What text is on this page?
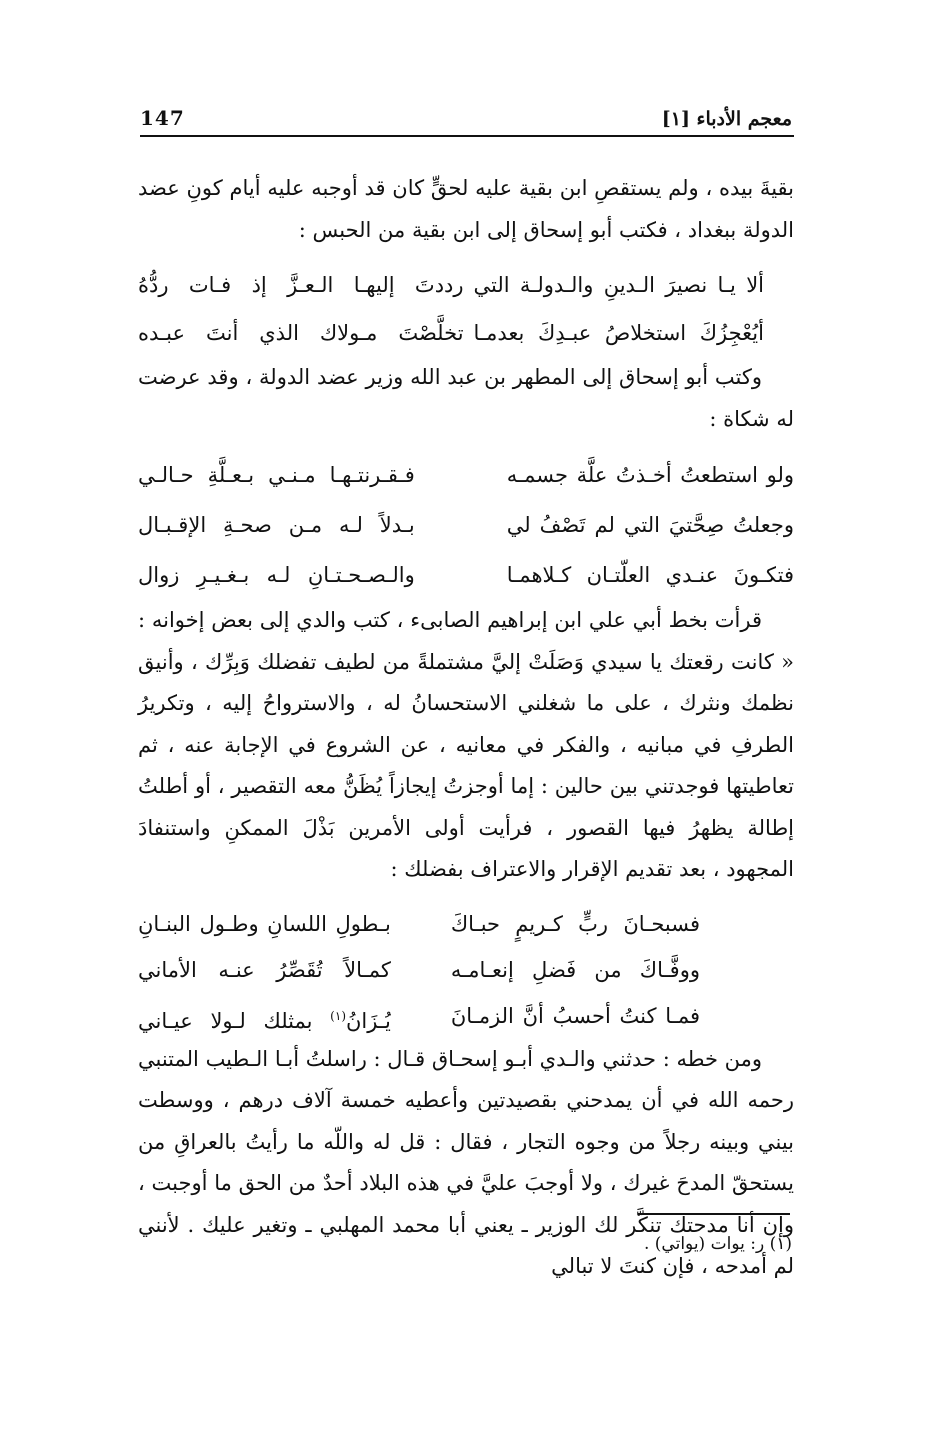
147	معجم الأدباء [١]

بقيةَ بيده ، ولم يستقصِ ابن بقية عليه لحقٍّ كان قد أوجبه عليه أيام كونِ عضد الدولة ببغداد ، فكتب أبو إسحاق إلى ابن بقية من الحبس :

ألا يـا نصيرَ الـدينِ والـدولـة التي
رددتَ إليهـا الـعـزَّ إذ فـات ردُّهُ
أيُعْجِزُكَ استخلاصُ عبـدِكَ بعدمـا
تخلَّصْتَ مـولاك الذي أنتَ عبـده

وكتب أبو إسحاق إلى المطهر بن عبد الله وزير عضد الدولة ، وقد عرضت له شكاة :

ولو استطعتُ أخـذتُ علَّة جسمـه
فـقـرنتـهـا مـنـي بـعـلَّةِ حـالـي
وجعلتُ صِحَّتيَ التي لم تَصْفُ لي
بـدلاً لـه مـن صحـةِ الإقـبـال
فتكـونَ عنـدي العلّتـان كـلاهمـا
والـصـحـتـانِ لـه بـغـيـرِ زوال

قرأت بخط أبي علي ابن إبراهيم الصابىء ، كتب والدي إلى بعض إخوانه : « كانت رقعتك يا سيدي وَصَلَتْ إليَّ مشتملةً من لطيف تفضلك وَبِرِّك ، وأنيق نظمك ونثرك ، على ما شغلني الاستحسانُ له ، والاسترواحُ إليه ، وتكريرُ الطرفِ في مبانيه ، والفكر في معانيه ، عن الشروع في الإجابة عنه ، ثم تعاطيتها فوجدتني بين حالين : إما أوجزتُ إيجازاً يُظَنُّ معه التقصير ، أو أطلتُ إطالة يظهرُ فيها القصور ، فرأيت أولى الأمرين بَذْلَ الممكنِ واستنفادَ المجهود ، بعد تقديم الإقرار والاعتراف بفضلك :

فسبحـانَ ربٍّ كـريمٍ حبـاكَ
بـطولِ اللسانِ وطـول البنـانِ
ووفَّـاكَ من فَضلِ إنعـامـه
كمـالاً تُقَصِّرُ عنـه الأماني
فمـا كنتُ أحسبُ أنَّ الزمـانَ
يُـزَانُ$^{(١)}$ بمثلك لـولا عيـاني

ومن خطه : حدثني والـدي أبـو إسحـاق قـال : راسلتُ أبـا الـطيب المتنبي رحمه الله في أن يمدحني بقصيدتين وأعطيه خمسة آلاف درهم ، ووسطت بيني وبينه رجلاً من وجوه التجار ، فقال : قل له واللّه ما رأيتُ بالعراقِ من يستحقّ المدحَ غيرك ، ولا أوجبَ عليَّ في هذه البلاد أحدٌ من الحق ما أوجبت ، وإن أنا مدحتك تنكَّر لك الوزير ـ يعني أبا محمد المهلبي ـ وتغير عليك . لأنني لم أمدحه ، فإن كنتَ لا تبالي

(١) ر: يوات (يواتي) .
